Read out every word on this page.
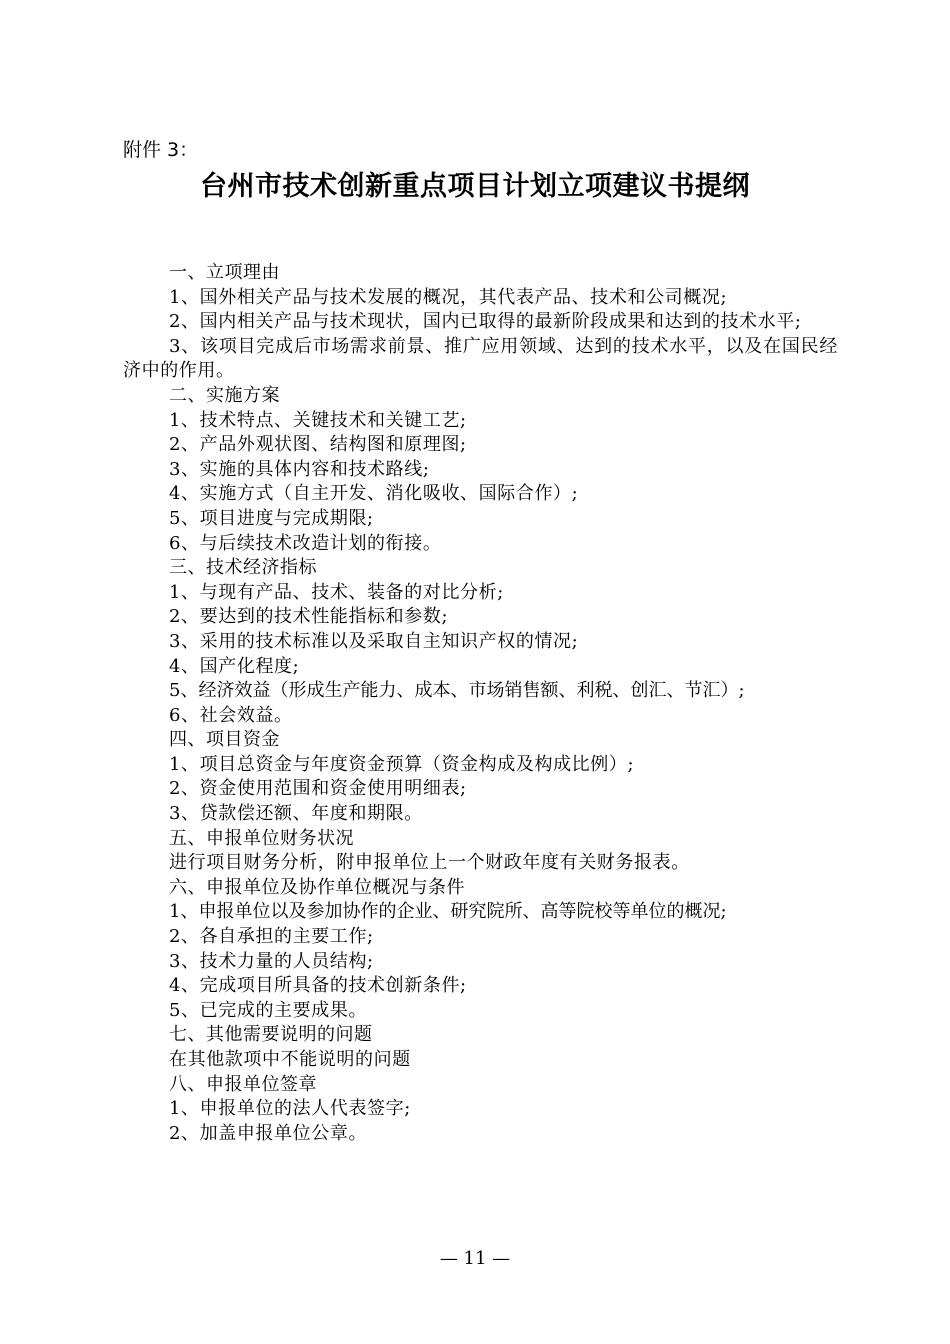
附件 3：
台州市技术创新重点项目计划立项建议书提纲
一、立项理由
1、国外相关产品与技术发展的概况，其代表产品、技术和公司概况;
2、国内相关产品与技术现状，国内已取得的最新阶段成果和达到的技术水平;
3、该项目完成后市场需求前景、推广应用领域、达到的技术水平，以及在国民经济中的作用。
二、实施方案
1、技术特点、关键技术和关键工艺;
2、产品外观状图、结构图和原理图;
3、实施的具体内容和技术路线;
4、实施方式（自主开发、消化吸收、国际合作）;
5、项目进度与完成期限;
6、与后续技术改造计划的衔接。
三、技术经济指标
1、与现有产品、技术、装备的对比分析;
2、要达到的技术性能指标和参数;
3、采用的技术标准以及采取自主知识产权的情况;
4、国产化程度;
5、经济效益（形成生产能力、成本、市场销售额、利税、创汇、节汇）;
6、社会效益。
四、项目资金
1、项目总资金与年度资金预算（资金构成及构成比例）;
2、资金使用范围和资金使用明细表;
3、贷款偿还额、年度和期限。
五、申报单位财务状况
进行项目财务分析，附申报单位上一个财政年度有关财务报表。
六、申报单位及协作单位概况与条件
1、申报单位以及参加协作的企业、研究院所、高等院校等单位的概况;
2、各自承担的主要工作;
3、技术力量的人员结构;
4、完成项目所具备的技术创新条件;
5、已完成的主要成果。
七、其他需要说明的问题
在其他款项中不能说明的问题
八、申报单位签章
1、申报单位的法人代表签字;
2、加盖申报单位公章。
— 11 —
